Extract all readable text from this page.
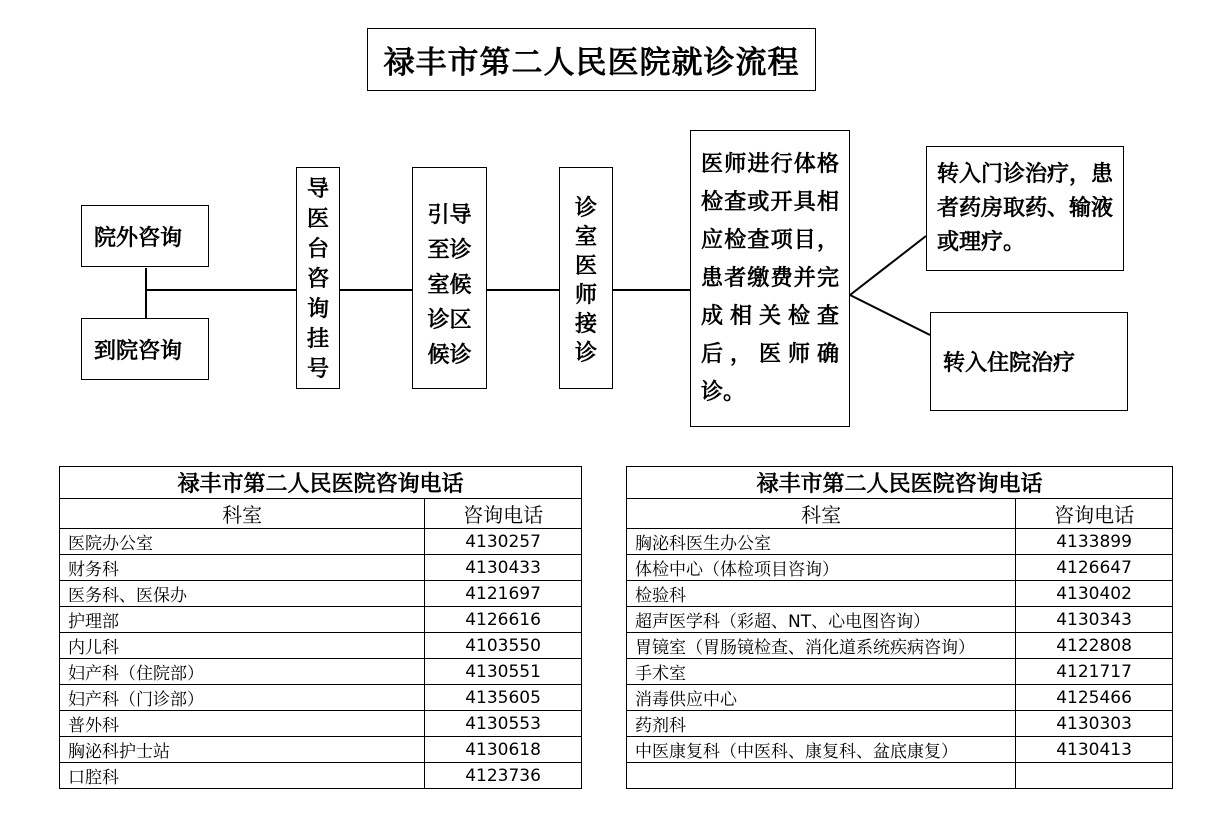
禄丰市第二人民医院就诊流程
院外咨询
到院咨询
导
医
台
咨
询
挂
号
引导
至诊
室候
诊区
候诊
诊
室
医
师
接
诊
医师进行体格检查或开具相应检查项目，患者缴费并完成相关检查后，医师确诊。
转入门诊治疗，患者药房取药、输液或理疗。
转入住院治疗
禄丰市第二人民医院咨询电话	
科室	咨询电话
医院办公室	4130257
财务科	4130433
医务科、医保办	4121697
护理部	4126616
内儿科	4103550
妇产科（住院部）	4130551
妇产科（门诊部）	4135605
普外科	4130553
胸泌科护士站	4130618
口腔科	4123736
禄丰市第二人民医院咨询电话	
科室	咨询电话
胸泌科医生办公室	4133899
体检中心（体检项目咨询）	4126647
检验科	4130402
超声医学科（彩超、NT、心电图咨询）	4130343
胃镜室（胃肠镜检查、消化道系统疾病咨询）	4122808
手术室	4121717
消毒供应中心	4125466
药剂科	4130303
中医康复科（中医科、康复科、盆底康复）	4130413
